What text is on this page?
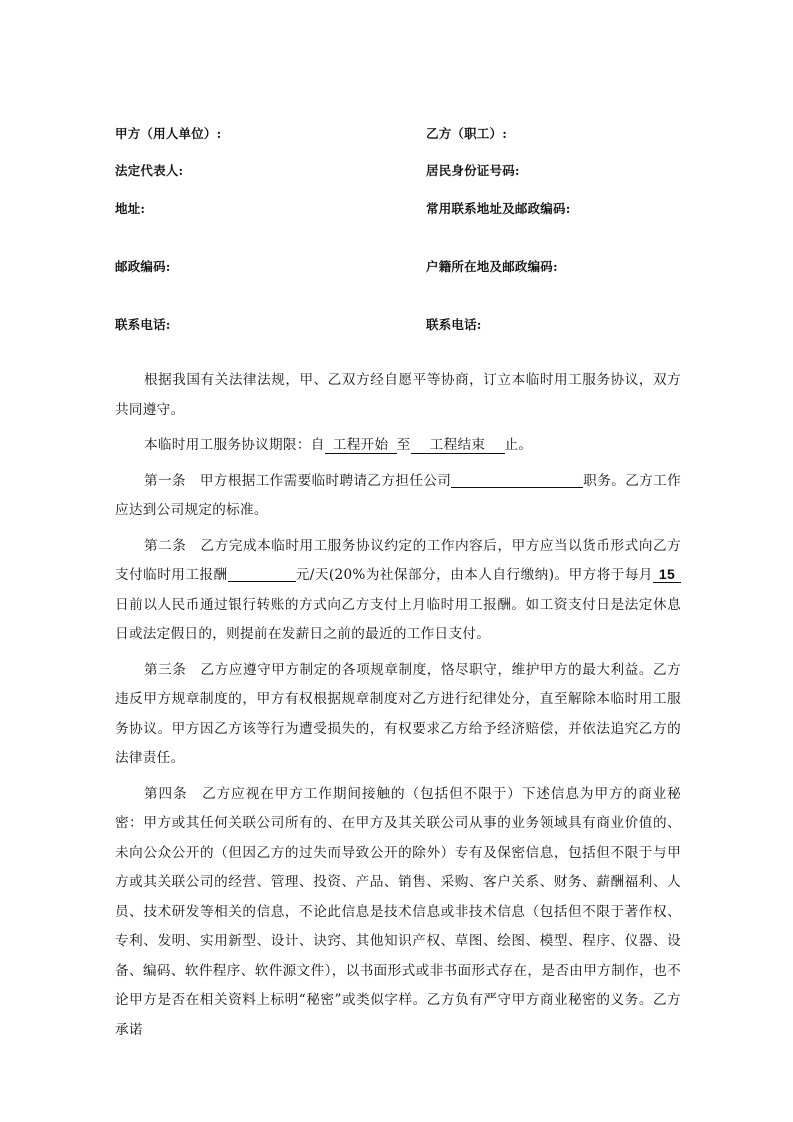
甲方（用人单位）:	乙方（职工）:
法定代表人:	居民身份证号码:
地址:	常用联系地址及邮政编码:
邮政编码:	户籍所在地及邮政编码:
联系电话:	联系电话:

根据我国有关法律法规，甲、乙双方经自愿平等协商，订立本临时用工服务协议，双方共同遵守。

本临时用工服务协议期限：自 工程开始 至 工程结束 止。

第一条　甲方根据工作需要临时聘请乙方担任公司	职务。乙方工作应达到公司规定的标准。

第二条　乙方完成本临时用工服务协议约定的工作内容后，甲方应当以货币形式向乙方支付临时用工报酬	元/天(20%为社保部分，由本人自行缴纳)。甲方将于每月 15日前以人民币通过银行转账的方式向乙方支付上月临时用工报酬。如工资支付日是法定休息日或法定假日的，则提前在发薪日之前的最近的工作日支付。

第三条　乙方应遵守甲方制定的各项规章制度，恪尽职守，维护甲方的最大利益。乙方违反甲方规章制度的，甲方有权根据规章制度对乙方进行纪律处分，直至解除本临时用工服务协议。甲方因乙方该等行为遭受损失的，有权要求乙方给予经济赔偿，并依法追究乙方的法律责任。

第四条　乙方应视在甲方工作期间接触的（包括但不限于）下述信息为甲方的商业秘密：甲方或其任何关联公司所有的、在甲方及其关联公司从事的业务领域具有商业价值的、未向公众公开的（但因乙方的过失而导致公开的除外）专有及保密信息，包括但不限于与甲方或其关联公司的经营、管理、投资、产品、销售、采购、客户关系、财务、薪酬福利、人员、技术研发等相关的信息，不论此信息是技术信息或非技术信息（包括但不限于著作权、专利、发明、实用新型、设计、诀窍、其他知识产权、草图、绘图、模型、程序、仪器、设备、编码、软件程序、软件源文件），以书面形式或非书面形式存在，是否由甲方制作，也不论甲方是否在相关资料上标明“秘密”或类似字样。乙方负有严守甲方商业秘密的义务。乙方承诺
